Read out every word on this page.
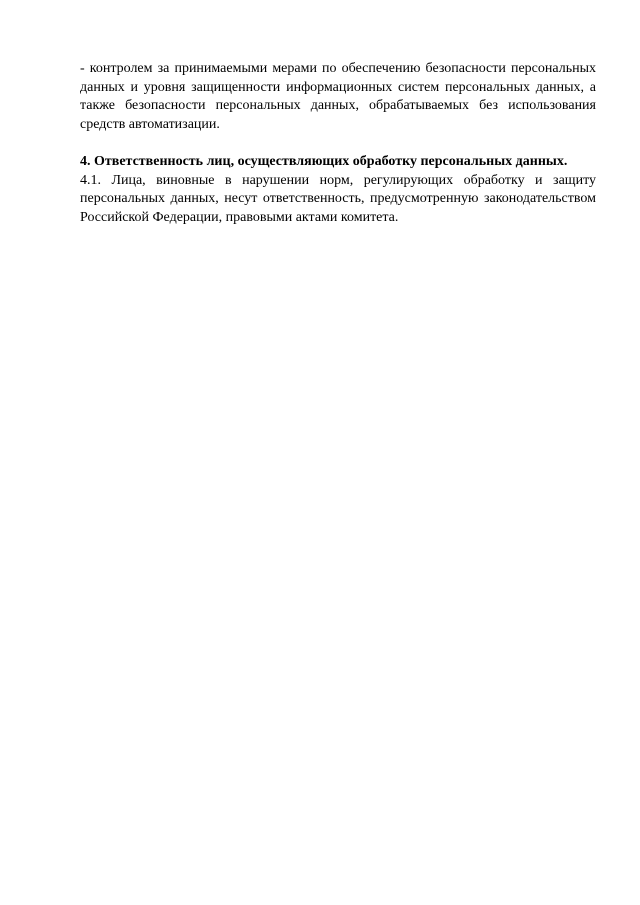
- контролем за принимаемыми мерами по обеспечению безопасности персональных данных и уровня защищенности информационных систем персональных данных, а также безопасности персональных данных, обрабатываемых без использования средств автоматизации.

4. Ответственность лиц, осуществляющих обработку персональных данных.

4.1. Лица, виновные в нарушении норм, регулирующих обработку и защиту персональных данных, несут ответственность, предусмотренную законодательством Российской Федерации, правовыми актами комитета.
